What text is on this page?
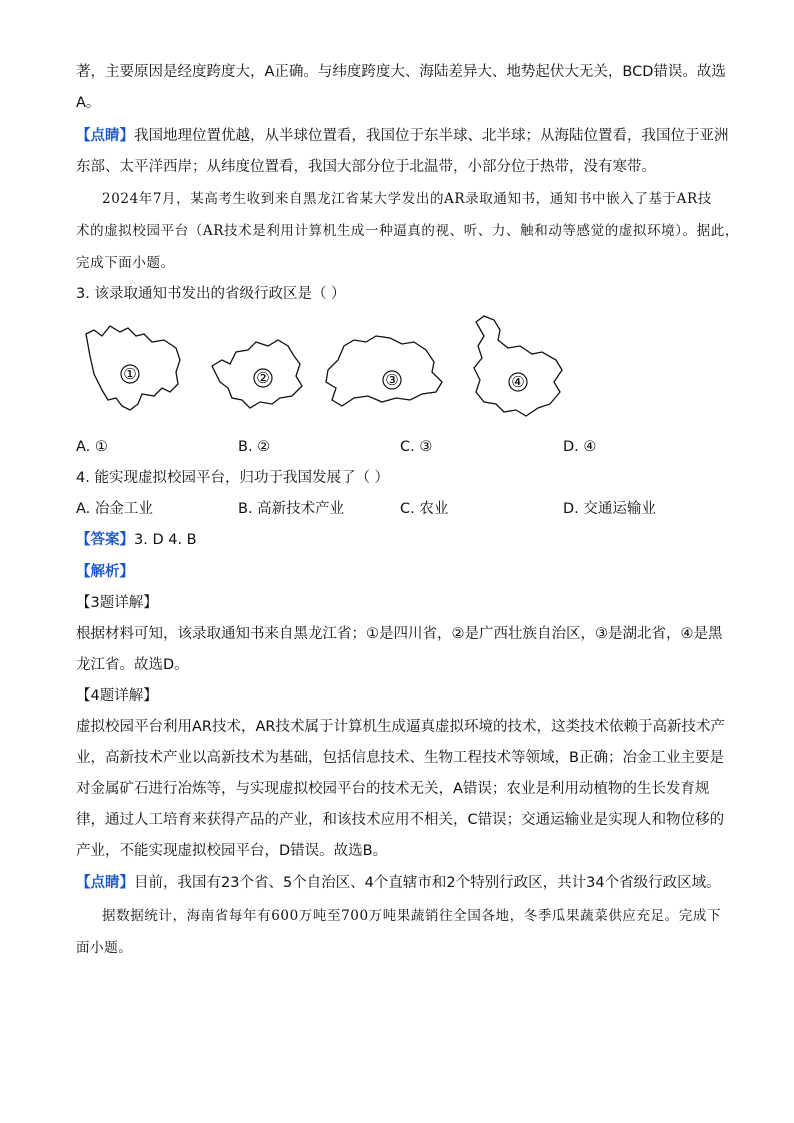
著，主要原因是经度跨度大，A正确。与纬度跨度大、海陆差异大、地势起伏大无关，BCD错误。故选
A。
【点睛】我国地理位置优越，从半球位置看，我国位于东半球、北半球；从海陆位置看，我国位于亚洲
东部、太平洋西岸；从纬度位置看，我国大部分位于北温带，小部分位于热带，没有寒带。
2024年7月，某高考生收到来自黑龙江省某大学发出的AR录取通知书，通知书中嵌入了基于AR技
术的虚拟校园平台（AR技术是利用计算机生成一种逼真的视、听、力、触和动等感觉的虚拟环境）。据此，
完成下面小题。
3. 该录取通知书发出的省级行政区是（ ）
①	②	③	④
A. ①	B. ②	C. ③	D. ④
4. 能实现虚拟校园平台，归功于我国发展了（ ）
A. 冶金工业	B. 高新技术产业	C. 农业	D. 交通运输业
【答案】3. D 4. B
【解析】
【3题详解】
根据材料可知，该录取通知书来自黑龙江省；①是四川省，②是广西壮族自治区，③是湖北省，④是黑
龙江省。故选D。
【4题详解】
虚拟校园平台利用AR技术，AR技术属于计算机生成逼真虚拟环境的技术，这类技术依赖于高新技术产
业，高新技术产业以高新技术为基础，包括信息技术、生物工程技术等领域，B正确；冶金工业主要是
对金属矿石进行冶炼等，与实现虚拟校园平台的技术无关，A错误；农业是利用动植物的生长发育规
律，通过人工培育来获得产品的产业，和该技术应用不相关，C错误；交通运输业是实现人和物位移的
产业，不能实现虚拟校园平台，D错误。故选B。
【点睛】目前，我国有23个省、5个自治区、4个直辖市和2个特别行政区，共计34个省级行政区域。
据数据统计，海南省每年有600万吨至700万吨果蔬销往全国各地，冬季瓜果蔬菜供应充足。完成下
面小题。
